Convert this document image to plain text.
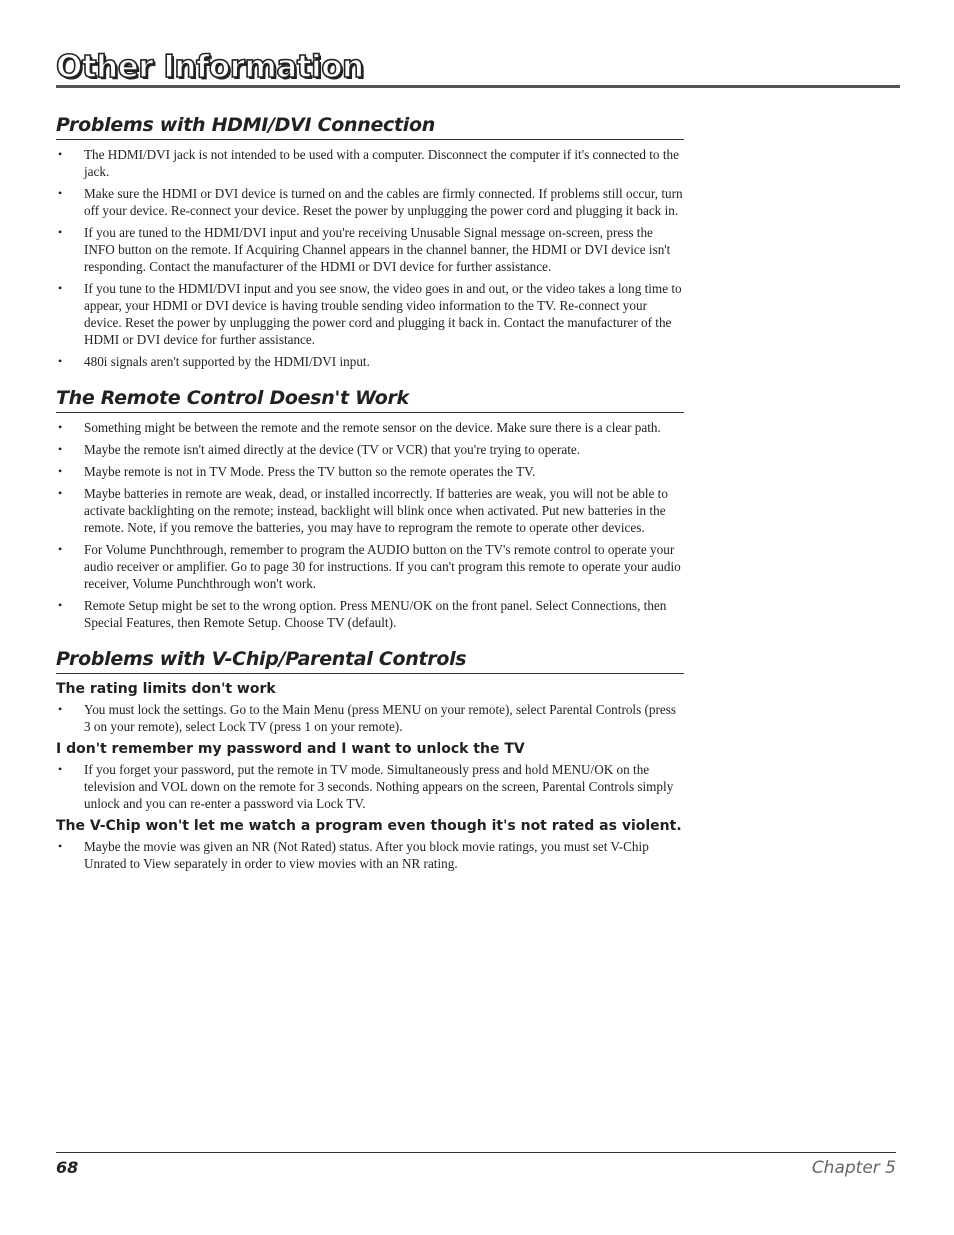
Other Information
Problems with HDMI/DVI Connection
• The HDMI/DVI jack is not intended to be used with a computer. Disconnect the computer if it's connected to the jack.
• Make sure the HDMI or DVI device is turned on and the cables are firmly connected. If problems still occur, turn off your device. Re-connect your device. Reset the power by unplugging the power cord and plugging it back in.
• If you are tuned to the HDMI/DVI input and you're receiving Unusable Signal message on-screen, press the INFO button on the remote. If Acquiring Channel appears in the channel banner, the HDMI or DVI device isn't responding. Contact the manufacturer of the HDMI or DVI device for further assistance.
• If you tune to the HDMI/DVI input and you see snow, the video goes in and out, or the video takes a long time to appear, your HDMI or DVI device is having trouble sending video information to the TV. Re-connect your device. Reset the power by unplugging the power cord and plugging it back in. Contact the manufacturer of the HDMI or DVI device for further assistance.
• 480i signals aren't supported by the HDMI/DVI input.
The Remote Control Doesn't Work
• Something might be between the remote and the remote sensor on the device. Make sure there is a clear path.
• Maybe the remote isn't aimed directly at the device (TV or VCR) that you're trying to operate.
• Maybe remote is not in TV Mode. Press the TV button so the remote operates the TV.
• Maybe batteries in remote are weak, dead, or installed incorrectly. If batteries are weak, you will not be able to activate backlighting on the remote; instead, backlight will blink once when activated. Put new batteries in the remote. Note, if you remove the batteries, you may have to reprogram the remote to operate other devices.
• For Volume Punchthrough, remember to program the AUDIO button on the TV's remote control to operate your audio receiver or amplifier. Go to page 30 for instructions. If you can't program this remote to operate your audio receiver, Volume Punchthrough won't work.
• Remote Setup might be set to the wrong option. Press MENU/OK on the front panel. Select Connections, then Special Features, then Remote Setup. Choose TV (default).
Problems with V-Chip/Parental Controls
The rating limits don't work
• You must lock the settings. Go to the Main Menu (press MENU on your remote), select Parental Controls (press 3 on your remote), select Lock TV (press 1 on your remote).
I don't remember my password and I want to unlock the TV
• If you forget your password, put the remote in TV mode. Simultaneously press and hold MENU/OK on the television and VOL down on the remote for 3 seconds. Nothing appears on the screen, Parental Controls simply unlock and you can re-enter a password via Lock TV.
The V-Chip won't let me watch a program even though it's not rated as violent.
• Maybe the movie was given an NR (Not Rated) status. After you block movie ratings, you must set V-Chip Unrated to View separately in order to view movies with an NR rating.
68	Chapter 5
